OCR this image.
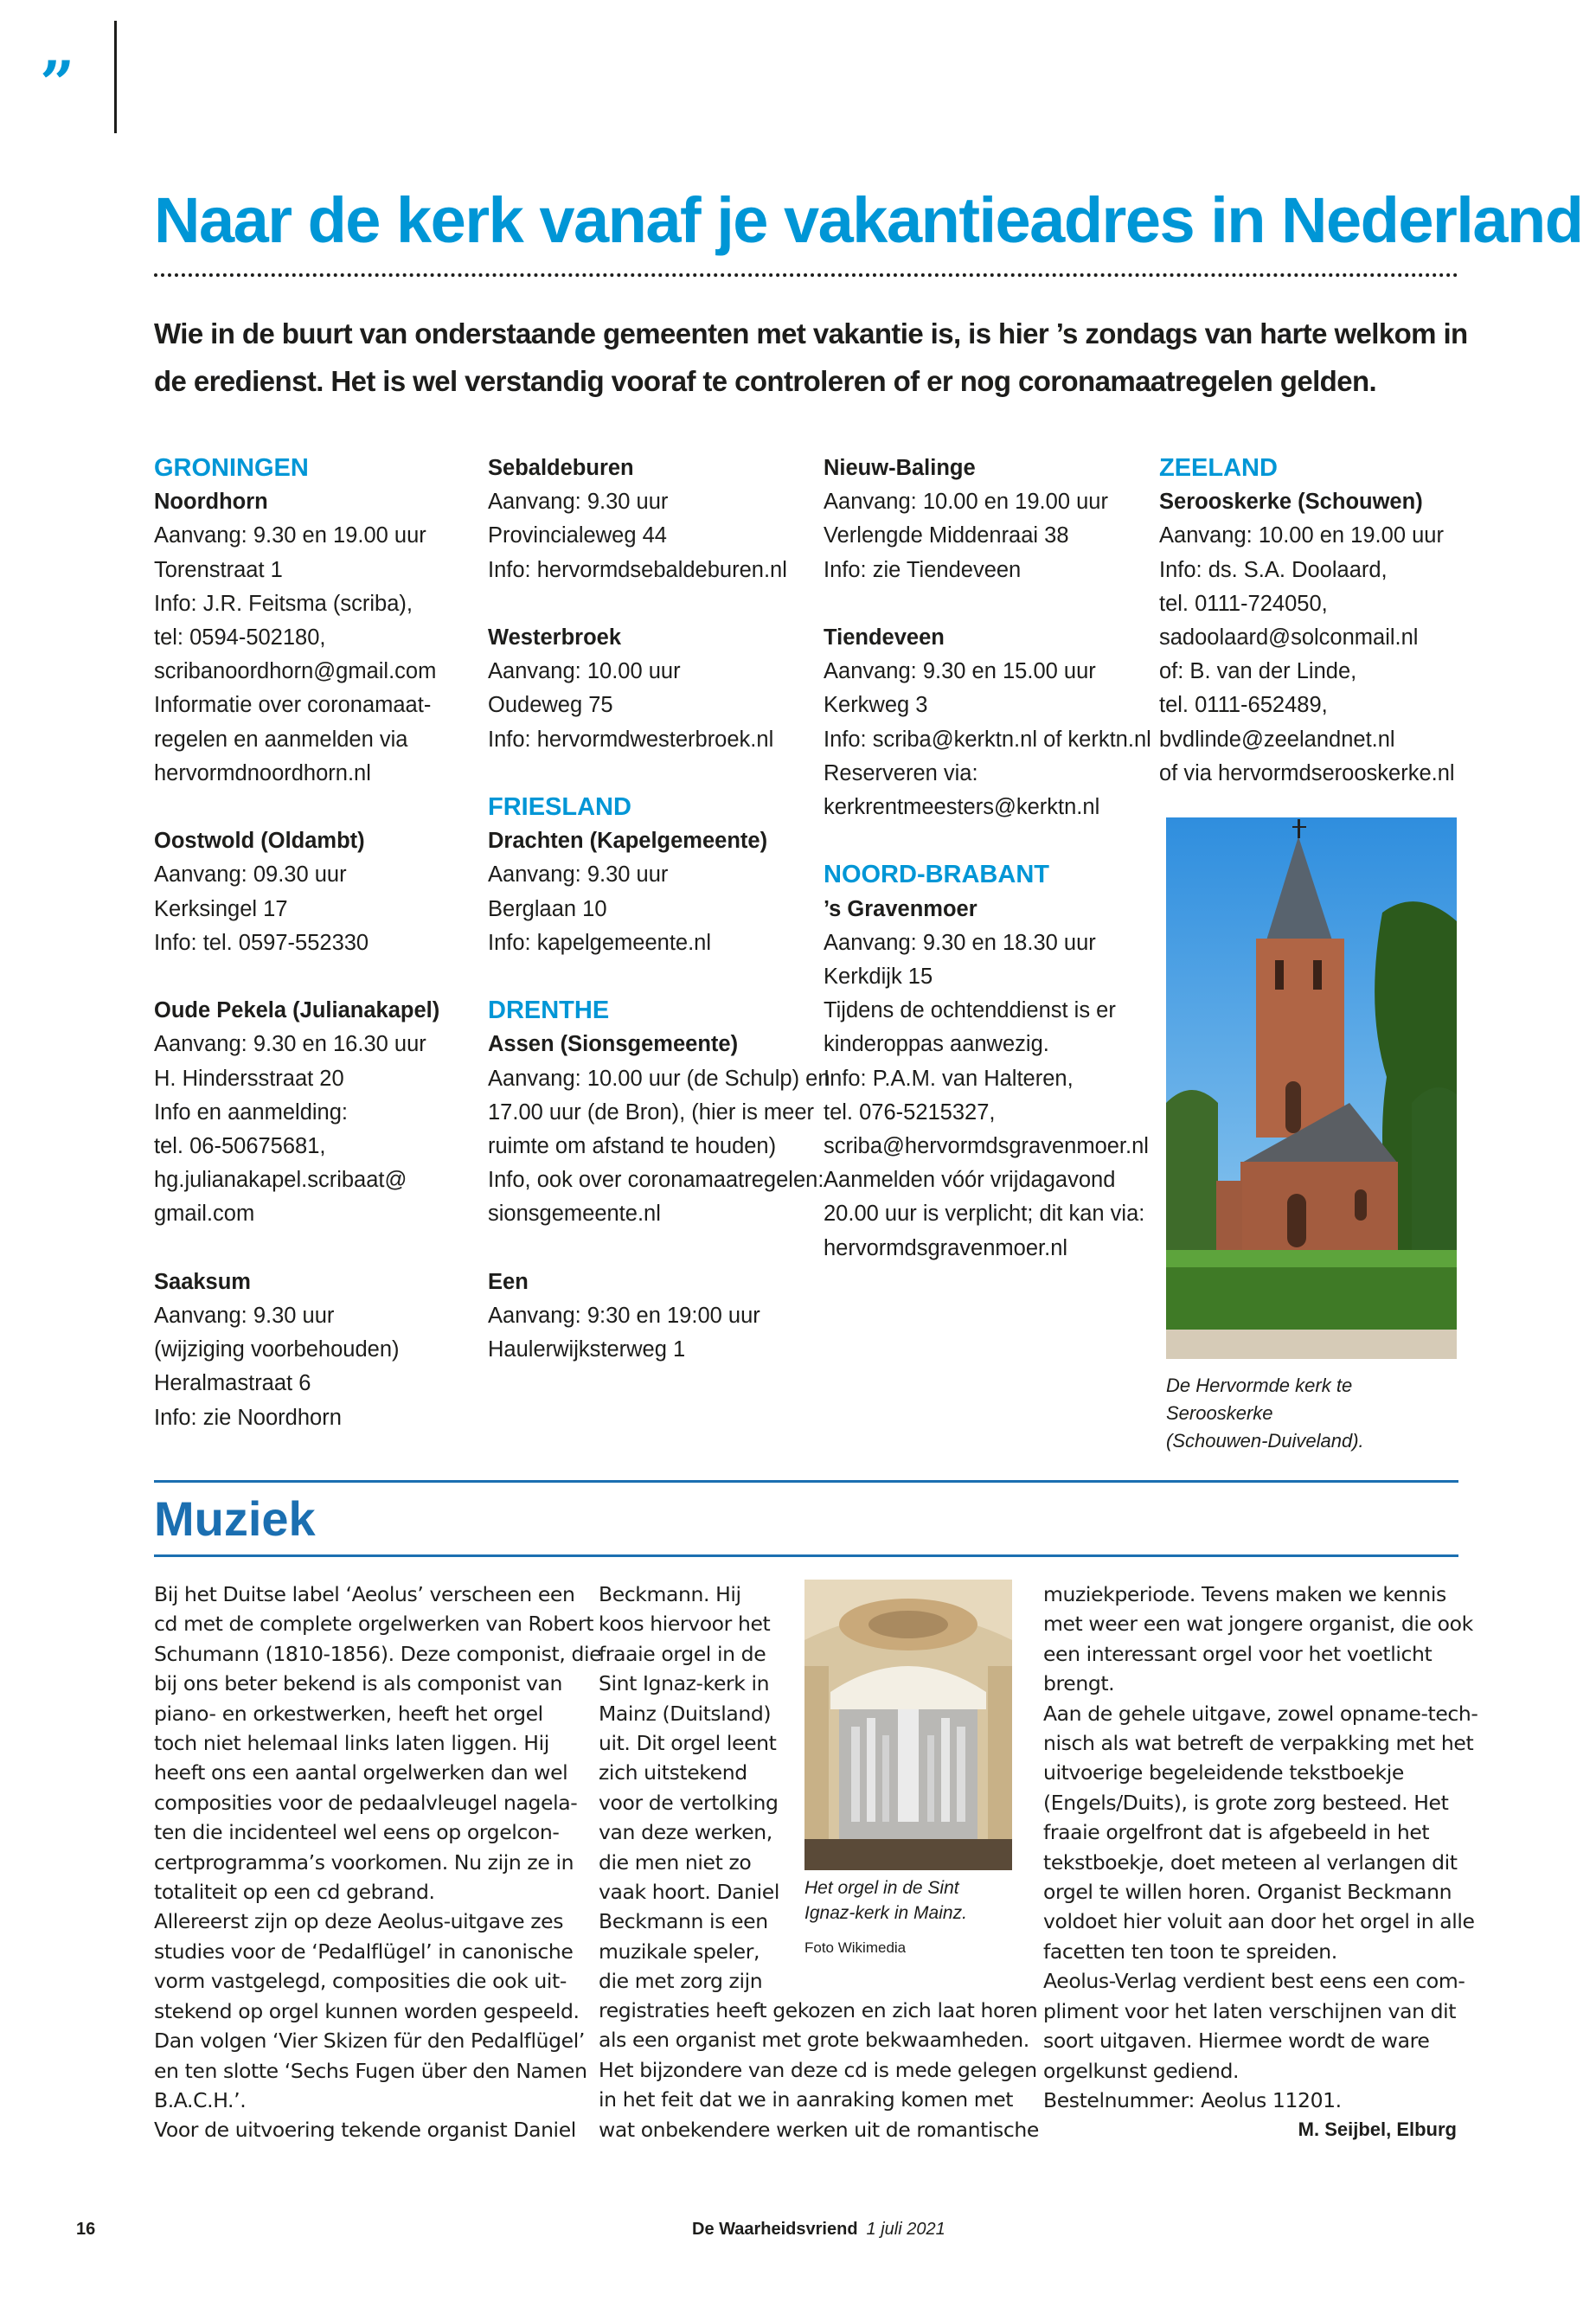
”
Naar de kerk vanaf je vakantieadres in Nederland

Wie in de buurt van onderstaande gemeenten met vakantie is, is hier ’s zondags van harte welkom in de eredienst. Het is wel verstandig vooraf te controleren of er nog coronamaatregelen gelden.

GRONINGEN
Noordhorn
Aanvang: 9.30 en 19.00 uur
Torenstraat 1
Info: J.R. Feitsma (scriba),
tel: 0594-502180,
scribanoordhorn@gmail.com
Informatie over coronamaat-
regelen en aanmelden via
hervormdnoordhorn.nl
Oostwold (Oldambt)
Aanvang: 09.30 uur
Kerksingel 17
Info: tel. 0597-552330
Oude Pekela (Julianakapel)
Aanvang: 9.30 en 16.30 uur
H. Hindersstraat 20
Info en aanmelding:
tel. 06-50675681,
hg.julianakapel.scribaat@
gmail.com
Saaksum
Aanvang: 9.30 uur
(wijziging voorbehouden)
Heralmastraat 6
Info: zie Noordhorn
Sebaldeburen
Aanvang: 9.30 uur
Provincialeweg 44
Info: hervormdsebaldeburen.nl
Westerbroek
Aanvang: 10.00 uur
Oudeweg 75
Info: hervormdwesterbroek.nl
FRIESLAND
Drachten (Kapelgemeente)
Aanvang: 9.30 uur
Berglaan 10
Info: kapelgemeente.nl
DRENTHE
Assen (Sionsgemeente)
Aanvang: 10.00 uur (de Schulp) en
17.00 uur (de Bron), (hier is meer
ruimte om afstand te houden)
Info, ook over coronamaatregelen:
sionsgemeente.nl
Een
Aanvang: 9:30 en 19:00 uur
Haulerwijksterweg 1
Nieuw-Balinge
Aanvang: 10.00 en 19.00 uur
Verlengde Middenraai 38
Info: zie Tiendeveen
Tiendeveen
Aanvang: 9.30 en 15.00 uur
Kerkweg 3
Info: scriba@kerktn.nl of kerktn.nl
Reserveren via:
kerkrentmeesters@kerktn.nl
NOORD-BRABANT
’s Gravenmoer
Aanvang: 9.30 en 18.30 uur
Kerkdijk 15
Tijdens de ochtenddienst is er
kinderoppas aanwezig.
Info: P.A.M. van Halteren,
tel. 076-5215327,
scriba@hervormdsgravenmoer.nl
Aanmelden vóór vrijdagavond
20.00 uur is verplicht; dit kan via:
hervormdsgravenmoer.nl
ZEELAND
Serooskerke (Schouwen)
Aanvang: 10.00 en 19.00 uur
Info: ds. S.A. Doolaard,
tel. 0111-724050,
sadoolaard@solconmail.nl
of: B. van der Linde,
tel. 0111-652489,
bvdlinde@zeelandnet.nl
of via hervormdserooskerke.nl
De Hervormde kerk te Serooskerke
(Schouwen-Duiveland).
Muziek
Bij het Duitse label ‘Aeolus’ verscheen een
cd met de complete orgelwerken van Robert
Schumann (1810-1856). Deze componist, die
bij ons beter bekend is als componist van
piano- en orkestwerken, heeft het orgel
toch niet helemaal links laten liggen. Hij
heeft ons een aantal orgelwerken dan wel
composities voor de pedaalvleugel nagela-
ten die incidenteel wel eens op orgelcon-
certprogramma’s voorkomen. Nu zijn ze in
totaliteit op een cd gebrand.
Allereerst zijn op deze Aeolus-uitgave zes
studies voor de ‘Pedalflügel’ in canonische
vorm vastgelegd, composities die ook uit-
stekend op orgel kunnen worden gespeeld.
Dan volgen ‘Vier Skizen für den Pedalflügel’
en ten slotte ‘Sechs Fugen über den Namen
B.A.C.H.’.
Voor de uitvoering tekende organist Daniel
Beckmann. Hij
koos hiervoor het
fraaie orgel in de
Sint Ignaz-kerk in
Mainz (Duitsland)
uit. Dit orgel leent
zich uitstekend
voor de vertolking
van deze werken,
die men niet zo
vaak hoort. Daniel
Beckmann is een
muzikale speler,
die met zorg zijn
registraties heeft gekozen en zich laat horen
als een organist met grote bekwaamheden.
Het bijzondere van deze cd is mede gelegen
in het feit dat we in aanraking komen met
wat onbekendere werken uit de romantische
muziekperiode. Tevens maken we kennis
met weer een wat jongere organist, die ook
een interessant orgel voor het voetlicht
brengt.
Aan de gehele uitgave, zowel opname-tech-
nisch als wat betreft de verpakking met het
uitvoerige begeleidende tekstboekje
(Engels/Duits), is grote zorg besteed. Het
fraaie orgelfront dat is afgebeeld in het
tekstboekje, doet meteen al verlangen dit
orgel te willen horen. Organist Beckmann
voldoet hier voluit aan door het orgel in alle
facetten ten toon te spreiden.
Aeolus-Verlag verdient best eens een com-
pliment voor het laten verschijnen van dit
soort uitgaven. Hiermee wordt de ware
orgelkunst gediend.
Bestelnummer: Aeolus 11201.
Het orgel in de Sint
Ignaz-kerk in Mainz.
Foto Wikimedia
M. Seijbel, Elburg
16	De Waarheidsvriend 1 juli 2021
